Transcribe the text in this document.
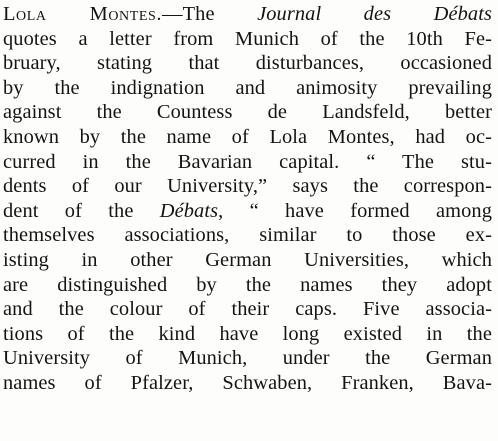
Lola Montes.—The Journal des Débats
quotes a letter from Munich of the 10th Fe-
bruary, stating that disturbances, occasioned
by the indignation and animosity prevailing
against the Countess de Landsfeld, better
known by the name of Lola Montes, had oc-
curred in the Bavarian capital. “ The stu-
dents of our University,” says the correspon-
dent of the Débats, “ have formed among
themselves associations, similar to those ex-
isting in other German Universities, which
are distinguished by the names they adopt
and the colour of their caps. Five associa-
tions of the kind have long existed in the
University of Munich, under the German
names of Pfalzer, Schwaben, Franken, Bava-
